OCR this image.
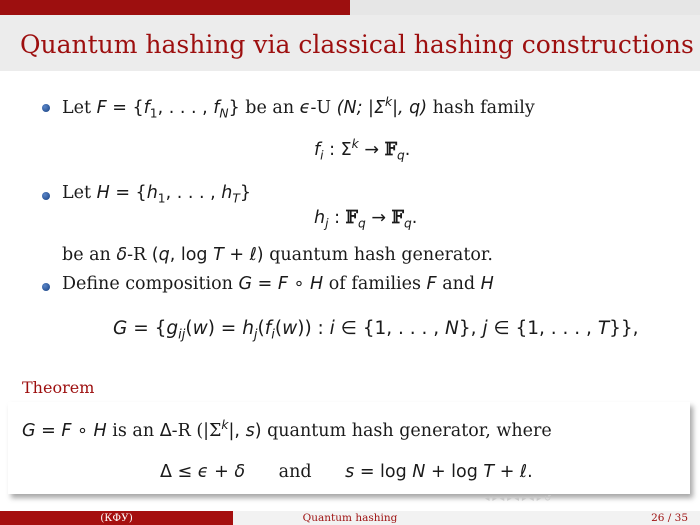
Quantum hashing via classical hashing constructions
Let $F = \{f_1$, . . . , $f_N$} be an ϵ-U (N; $|\Sigma^k|$, q) hash family
$f_i$ : $\Sigma^k$ → 𝔽$_q$.
Let $H = \{h_1$, . . . , $h_T$}
$h_j$ : 𝔽$_q$ → 𝔽$_q$.
be an δ-R (q, log T + ℓ) quantum hash generator.
Define composition G = F ∘ H of families F and H
$G = \{g_{ij}(w) = h_j(f_i(w))$ : i ∈ {1, . . . , N}, j ∈ {1, . . . , T}},
Theorem
G = F ∘ H is an Δ-R ($|\Sigma^k|$, s) quantum hash generator, where
Δ ≤ ϵ + δ and s = log N + log T + ℓ.
◂ ▸ ◂ ▸ ◂ ▸ ◂ ▸ ↺
(КФУ)	Quantum hashing	26 / 35
